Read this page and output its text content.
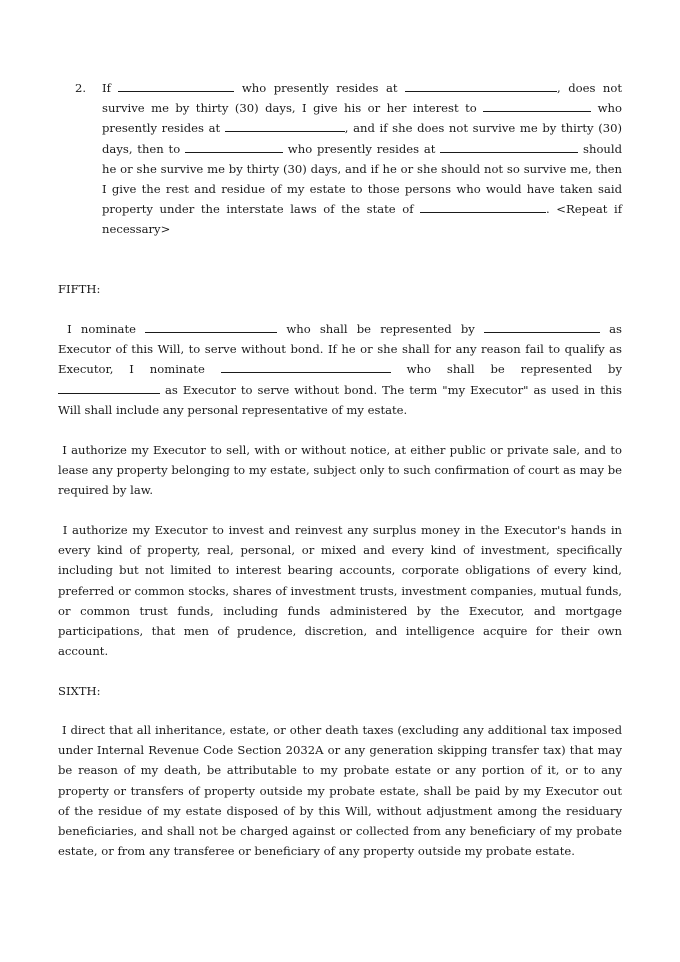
2. If	who presently resides at	, does not survive me by thirty (30) days, I give his or her interest to	who presently resides at	, and if she does not survive me by thirty (30) days, then to	who presently resides at	should he or she survive me by thirty (30) days, and if he or she should not so survive me, then I give the rest and residue of my estate to those persons who would have taken said property under the interstate laws of the state of	. <Repeat if necessary>
FIFTH:
I nominate	who shall be represented by	as Executor of this Will, to serve without bond. If he or she shall for any reason fail to qualify as Executor, I nominate	who shall be represented by  as Executor to serve without bond. The term "my Executor" as used in this Will shall include any personal representative of my estate.
I authorize my Executor to sell, with or without notice, at either public or private sale, and to lease any property belonging to my estate, subject only to such confirmation of court as may be required by law.
I authorize my Executor to invest and reinvest any surplus money in the Executor's hands in every kind of property, real, personal, or mixed and every kind of investment, specifically including but not limited to interest bearing accounts, corporate obligations of every kind, preferred or common stocks, shares of investment trusts, investment companies, mutual funds, or common trust funds, including funds administered by the Executor, and mortgage participations, that men of prudence, discretion, and intelligence acquire for their own account.
SIXTH:
I direct that all inheritance, estate, or other death taxes (excluding any additional tax imposed under Internal Revenue Code Section 2032A or any generation skipping transfer tax) that may be reason of my death, be attributable to my probate estate or any portion of it, or to any property or transfers of property outside my probate estate, shall be paid by my Executor out of the residue of my estate disposed of by this Will, without adjustment among the residuary beneficiaries, and shall not be charged against or collected from any beneficiary of my probate estate, or from any transferee or beneficiary of any property outside my probate estate.
